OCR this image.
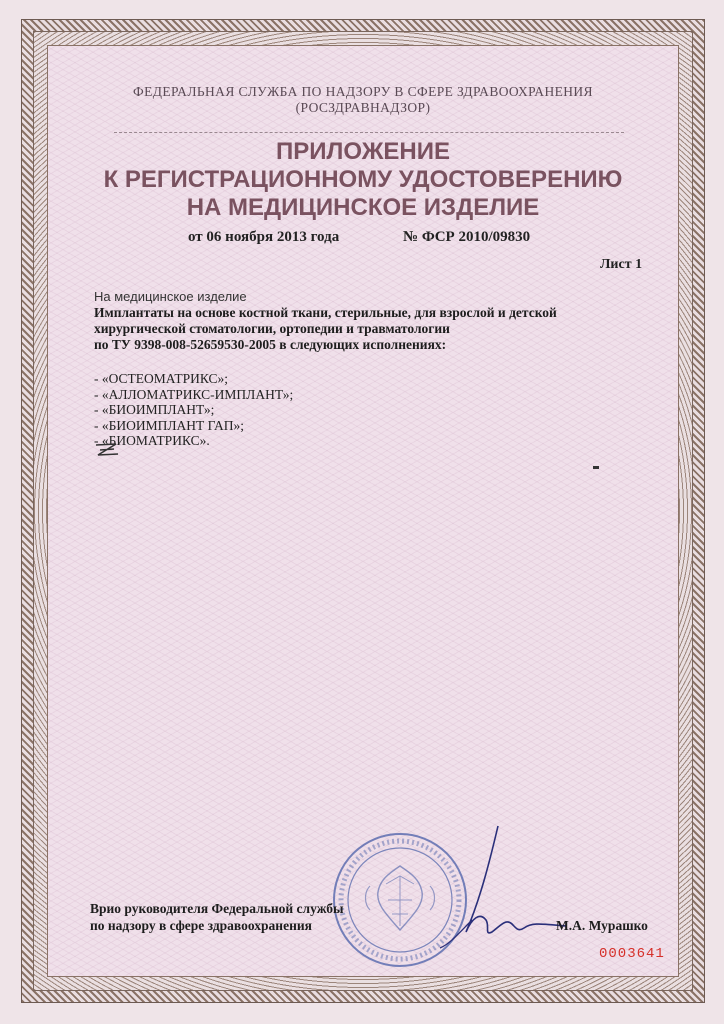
ФЕДЕРАЛЬНАЯ СЛУЖБА ПО НАДЗОРУ В СФЕРЕ ЗДРАВООХРАНЕНИЯ
(РОСЗДРАВНАДЗОР)
ПРИЛОЖЕНИЕ
К РЕГИСТРАЦИОННОМУ УДОСТОВЕРЕНИЮ
НА МЕДИЦИНСКОЕ ИЗДЕЛИЕ
от 06 ноября 2013 года	№ ФСР 2010/09830
Лист 1
На медицинское изделие
Имплантаты на основе костной ткани, стерильные, для взрослой и детской
хирургической стоматологии, ортопедии и травматологии
по ТУ 9398-008-52659530-2005 в следующих исполнениях:
- «ОСТЕОМАТРИКС»;
- «АЛЛОМАТРИКС-ИМПЛАНТ»;
- «БИОИМПЛАНТ»;
- «БИОИМПЛАНТ ГАП»;
- «БИОМАТРИКС».
Врио руководителя Федеральной службы
по надзору в сфере здравоохранения	М.А. Мурашко
0003641
